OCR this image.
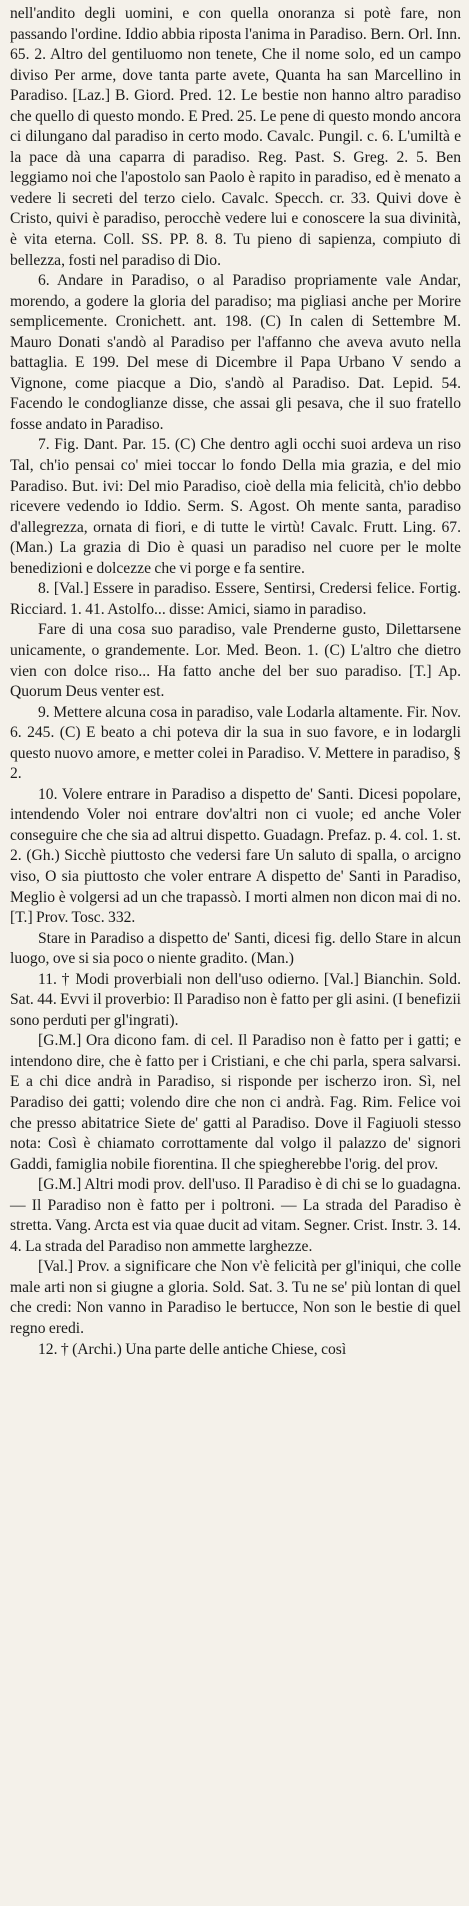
nell'andito degli uomini, e con quella onoranza si potè fare, non passando l'ordine. Iddio abbia riposta l'anima in Paradiso. Bern. Orl. Inn. 65. 2. Altro del gentiluomo non tenete, Che il nome solo, ed un campo diviso Per arme, dove tanta parte avete, Quanta ha san Marcellino in Paradiso. [Laz.] B. Giord. Pred. 12. Le bestie non hanno altro paradiso che quello di questo mondo. E Pred. 25. Le pene di questo mondo ancora ci dilungano dal paradiso in certo modo. Cavalc. Pungil. c. 6. L'umiltà e la pace dà una caparra di paradiso. Reg. Past. S. Greg. 2. 5. Ben leggiamo noi che l'apostolo san Paolo è rapito in paradiso, ed è menato a vedere li secreti del terzo cielo. Cavalc. Specch. cr. 33. Quivi dove è Cristo, quivi è paradiso, perocchè vedere lui e conoscere la sua divinità, è vita eterna. Coll. SS. PP. 8. 8. Tu pieno di sapienza, compiuto di bellezza, fosti nel paradiso di Dio.

6. Andare in Paradiso, o al Paradiso propriamente vale Andar, morendo, a godere la gloria del paradiso; ma pigliasi anche per Morire semplicemente. Cronichett. ant. 198. (C) In calen di Settembre M. Mauro Donati s'andò al Paradiso per l'affanno che aveva avuto nella battaglia. E 199. Del mese di Dicembre il Papa Urbano V sendo a Vignone, come piacque a Dio, s'andò al Paradiso. Dat. Lepid. 54. Facendo le condoglianze disse, che assai gli pesava, che il suo fratello fosse andato in Paradiso.

7. Fig. Dant. Par. 15. (C) Che dentro agli occhi suoi ardeva un riso Tal, ch'io pensai co' miei toccar lo fondo Della mia grazia, e del mio Paradiso. But. ivi: Del mio Paradiso, cioè della mia felicità, ch'io debbo ricevere vedendo io Iddio. Serm. S. Agost. Oh mente santa, paradiso d'allegrezza, ornata di fiori, e di tutte le virtù! Cavalc. Frutt. Ling. 67. (Man.) La grazia di Dio è quasi un paradiso nel cuore per le molte benedizioni e dolcezze che vi porge e fa sentire.

8. [Val.] Essere in paradiso. Essere, Sentirsi, Credersi felice. Fortig. Ricciard. 1. 41. Astolfo... disse: Amici, siamo in paradiso.

Fare di una cosa suo paradiso, vale Prenderne gusto, Dilettarsene unicamente, o grandemente. Lor. Med. Beon. 1. (C) L'altro che dietro vien con dolce riso... Ha fatto anche del ber suo paradiso. [T.] Ap. Quorum Deus venter est.

9. Mettere alcuna cosa in paradiso, vale Lodarla altamente. Fir. Nov. 6. 245. (C) E beato a chi poteva dir la sua in suo favore, e in lodargli questo nuovo amore, e metter colei in Paradiso. V. Mettere in paradiso, § 2.

10. Volere entrare in Paradiso a dispetto de' Santi. Dicesi popolare, intendendo Voler noi entrare dov'altri non ci vuole; ed anche Voler conseguire che che sia ad altrui dispetto. Guadagn. Prefaz. p. 4. col. 1. st. 2. (Gh.) Sicchè piuttosto che vedersi fare Un saluto di spalla, o arcigno viso, O sia piuttosto che voler entrare A dispetto de' Santi in Paradiso, Meglio è volgersi ad un che trapassò. I morti almen non dicon mai di no. [T.] Prov. Tosc. 332.

Stare in Paradiso a dispetto de' Santi, dicesi fig. dello Stare in alcun luogo, ove si sia poco o niente gradito. (Man.)

11. † Modi proverbiali non dell'uso odierno. [Val.] Bianchin. Sold. Sat. 44. Evvi il proverbio: Il Paradiso non è fatto per gli asini. (I benefizii sono perduti per gl'ingrati).

[G.M.] Ora dicono fam. di cel. Il Paradiso non è fatto per i gatti; e intendono dire, che è fatto per i Cristiani, e che chi parla, spera salvarsi. E a chi dice andrà in Paradiso, si risponde per ischerzo iron. Sì, nel Paradiso dei gatti; volendo dire che non ci andrà. Fag. Rim. Felice voi che presso abitatrice Siete de' gatti al Paradiso. Dove il Fagiuoli stesso nota: Così è chiamato corrottamente dal volgo il palazzo de' signori Gaddi, famiglia nobile fiorentina. Il che spiegherebbe l'orig. del prov.

[G.M.] Altri modi prov. dell'uso. Il Paradiso è di chi se lo guadagna. — Il Paradiso non è fatto per i poltroni. — La strada del Paradiso è stretta. Vang. Arcta est via quae ducit ad vitam. Segner. Crist. Instr. 3. 14. 4. La strada del Paradiso non ammette larghezze.

[Val.] Prov. a significare che Non v'è felicità per gl'iniqui, che colle male arti non si giugne a gloria. Sold. Sat. 3. Tu ne se' più lontan di quel che credi: Non vanno in Paradiso le bertucce, Non son le bestie di quel regno eredi.

12. † (Archi.) Una parte delle antiche Chiese, così
